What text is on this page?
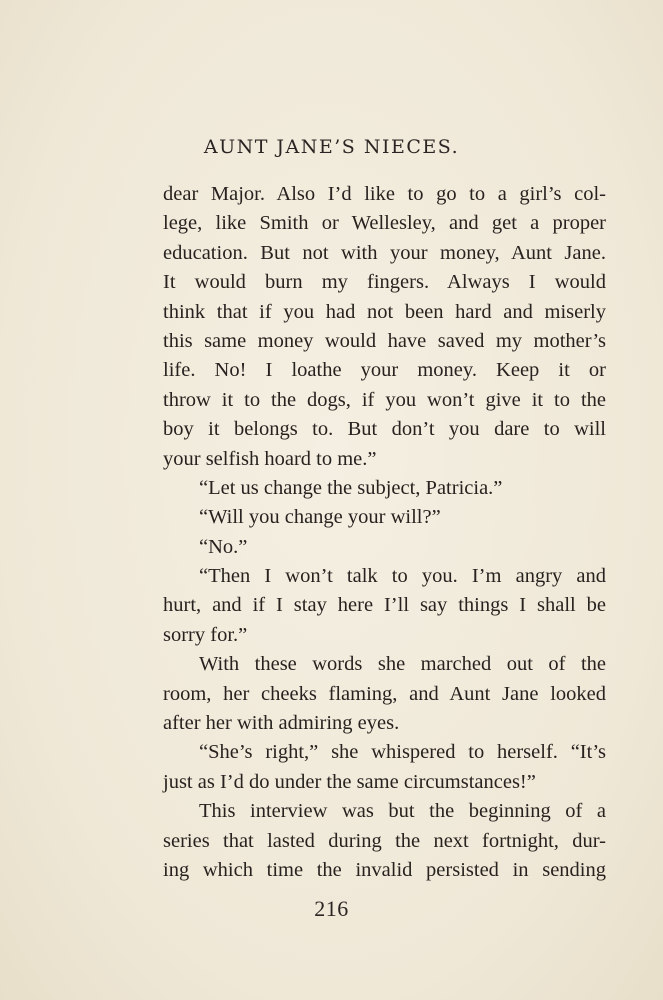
AUNT JANE’S NIECES.
dear Major. Also I’d like to go to a girl’s col-
lege, like Smith or Wellesley, and get a proper
education. But not with your money, Aunt Jane.
It would burn my fingers. Always I would
think that if you had not been hard and miserly
this same money would have saved my mother’s
life. No! I loathe your money. Keep it or
throw it to the dogs, if you won’t give it to the
boy it belongs to. But don’t you dare to will
your selfish hoard to me.”
“Let us change the subject, Patricia.”
“Will you change your will?”
“No.”
“Then I won’t talk to you. I’m angry and
hurt, and if I stay here I’ll say things I shall be
sorry for.”
With these words she marched out of the
room, her cheeks flaming, and Aunt Jane looked
after her with admiring eyes.
“She’s right,” she whispered to herself. “It’s
just as I’d do under the same circumstances!”
This interview was but the beginning of a
series that lasted during the next fortnight, dur-
ing which time the invalid persisted in sending
216
